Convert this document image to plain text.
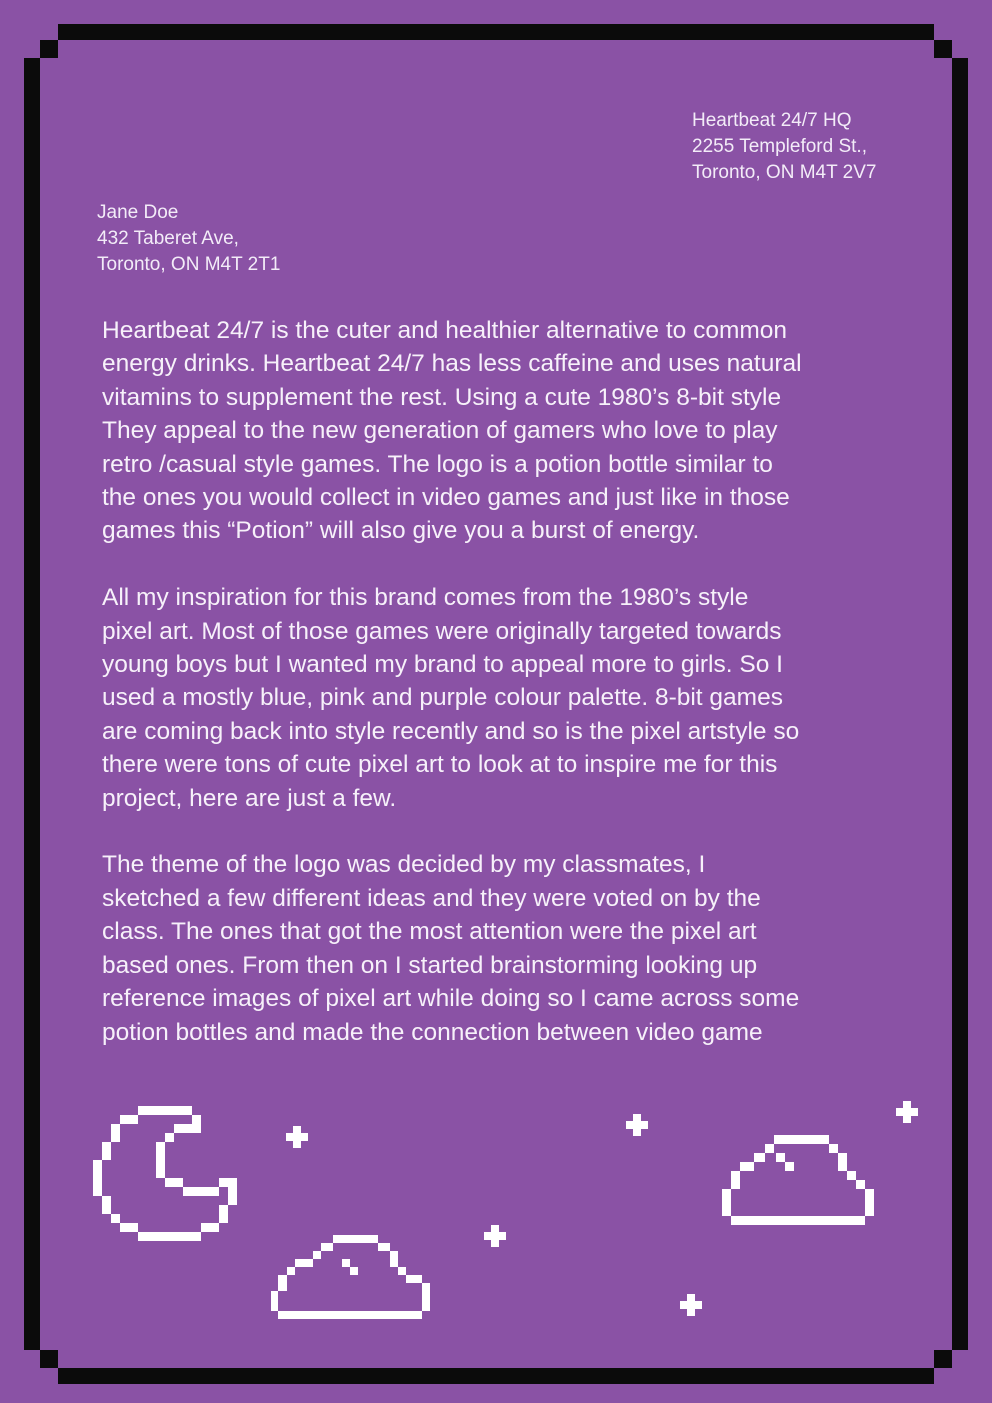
Heartbeat 24/7 HQ
2255 Templeford St.,
Toronto, ON M4T 2V7
Jane Doe
432 Taberet Ave,
Toronto, ON M4T 2T1
Heartbeat 24/7 is the cuter and healthier alternative to common
energy drinks. Heartbeat 24/7 has less caffeine and uses natural
vitamins to supplement the rest. Using a cute 1980’s 8-bit style
They appeal to the new generation of gamers who love to play
retro /casual style games. The logo is a potion bottle similar to
the ones you would collect in video games and just like in those
games this “Potion” will also give you a burst of energy.
All my inspiration for this brand comes from the 1980’s style
pixel art. Most of those games were originally targeted towards
young boys but I wanted my brand to appeal more to girls. So I
used a mostly blue, pink and purple colour palette. 8-bit games
are coming back into style recently and so is the pixel artstyle so
there were tons of cute pixel art to look at to inspire me for this
project, here are just a few.
The theme of the logo was decided by my classmates, I
sketched a few different ideas and they were voted on by the
class. The ones that got the most attention were the pixel art
based ones. From then on I started brainstorming looking up
reference images of pixel art while doing so I came across some
potion bottles and made the connection between video game
